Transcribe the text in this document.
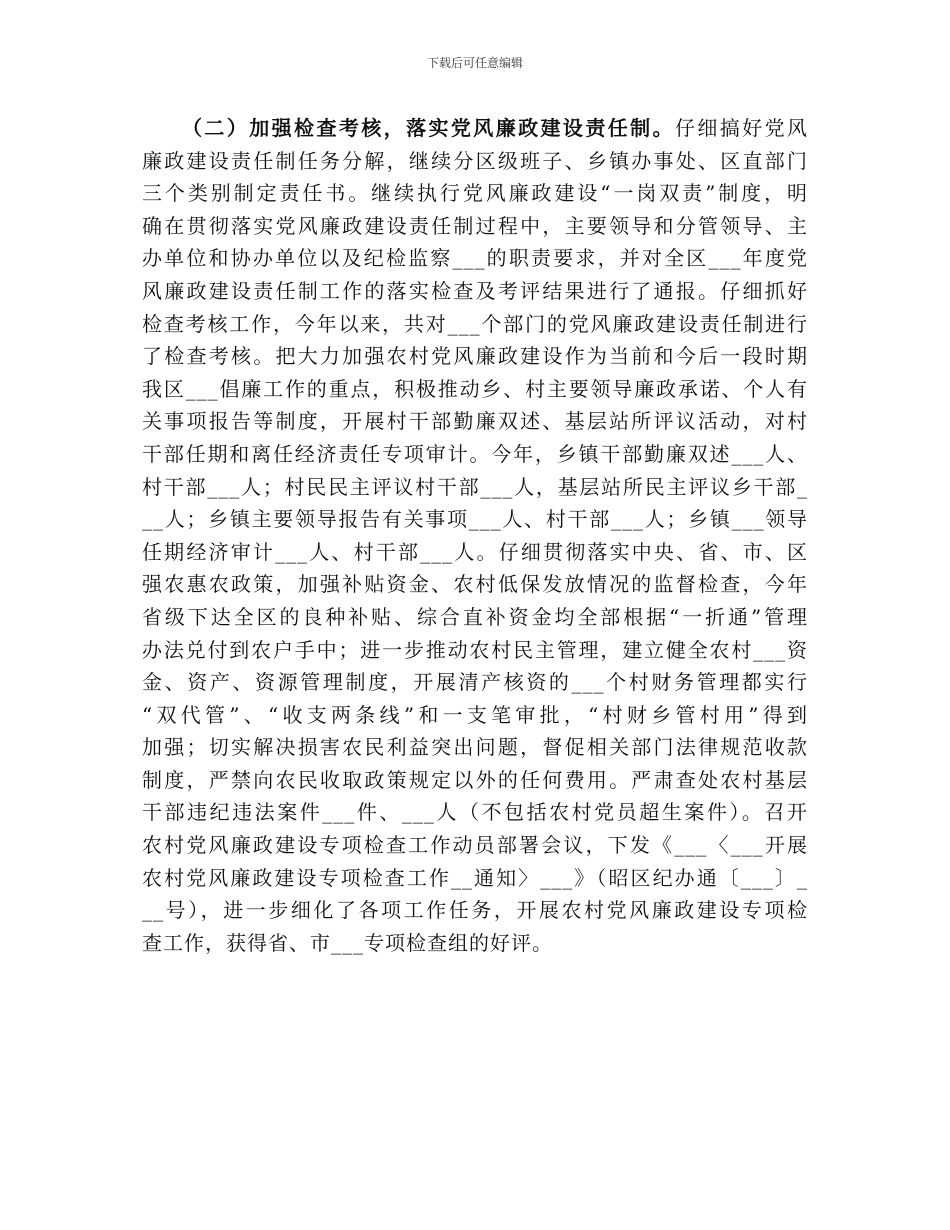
下载后可任意编辑
（二）加强检查考核，落实党风廉政建设责任制。仔细搞好党风
廉政建设责任制任务分解，继续分区级班子、乡镇办事处、区直部门
三个类别制定责任书。继续执行党风廉政建设“一岗双责”制度，明
确在贯彻落实党风廉政建设责任制过程中，主要领导和分管领导、主
办单位和协办单位以及纪检监察___的职责要求，并对全区___年度党
风廉政建设责任制工作的落实检查及考评结果进行了通报。仔细抓好
检查考核工作，今年以来，共对___个部门的党风廉政建设责任制进行
了检查考核。把大力加强农村党风廉政建设作为当前和今后一段时期
我区___倡廉工作的重点，积极推动乡、村主要领导廉政承诺、个人有
关事项报告等制度，开展村干部勤廉双述、基层站所评议活动，对村
干部任期和离任经济责任专项审计。今年，乡镇干部勤廉双述___人、
村干部___人；村民民主评议村干部___人，基层站所民主评议乡干部_
__人；乡镇主要领导报告有关事项___人、村干部___人；乡镇___领导
任期经济审计___人、村干部___人。仔细贯彻落实中央、省、市、区
强农惠农政策，加强补贴资金、农村低保发放情况的监督检查，今年
省级下达全区的良种补贴、综合直补资金均全部根据“一折通”管理
办法兑付到农户手中；进一步推动农村民主管理，建立健全农村___资
金、资产、资源管理制度，开展清产核资的___个村财务管理都实行
“双代管”、“收支两条线”和一支笔审批，“村财乡管村用”得到
加强；切实解决损害农民利益突出问题，督促相关部门法律规范收款
制度，严禁向农民收取政策规定以外的任何费用。严肃查处农村基层
干部违纪违法案件___件、___人（不包括农村党员超生案件）。召开
农村党风廉政建设专项检查工作动员部署会议，下发《___〈___开展
农村党风廉政建设专项检查工作__通知〉___》（昭区纪办通〔___〕_
__号），进一步细化了各项工作任务，开展农村党风廉政建设专项检
查工作，获得省、市___专项检查组的好评。
